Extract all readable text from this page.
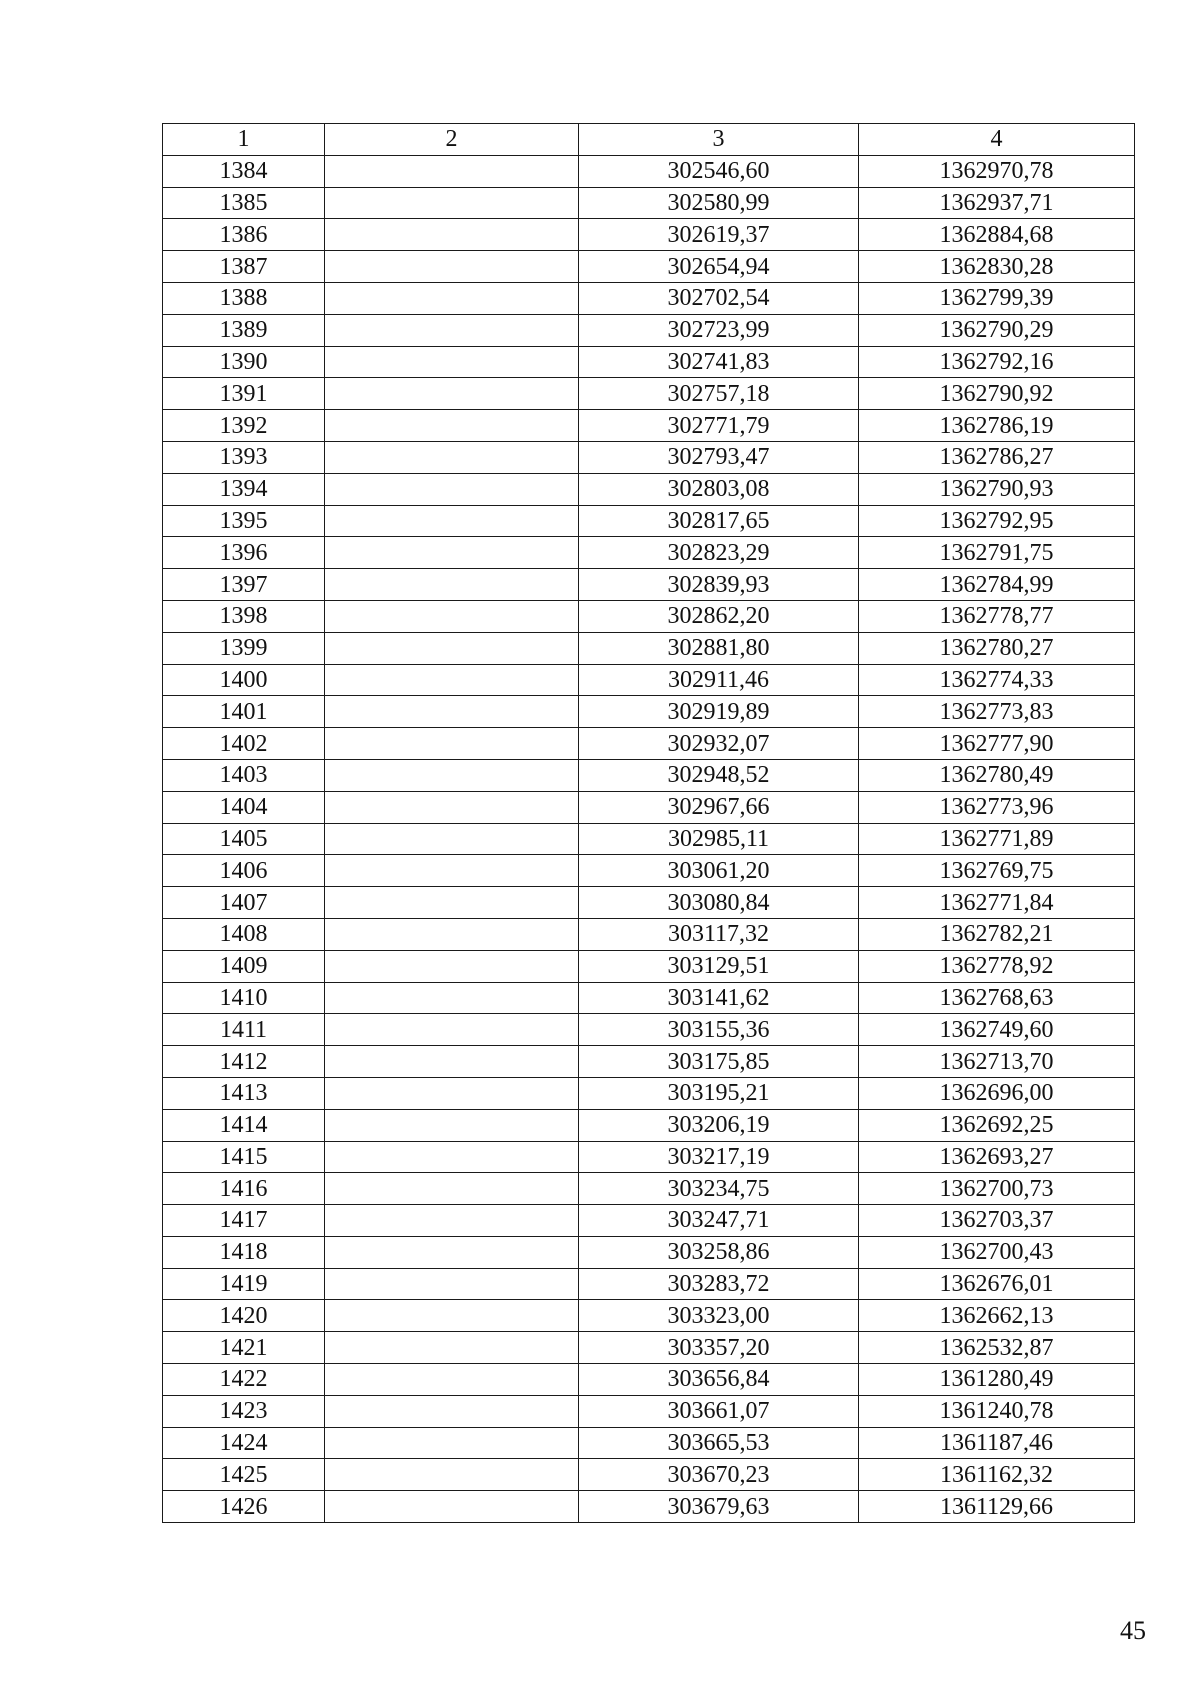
1	2	3	4
1384		302546,60	1362970,78
1385		302580,99	1362937,71
1386		302619,37	1362884,68
1387		302654,94	1362830,28
1388		302702,54	1362799,39
1389		302723,99	1362790,29
1390		302741,83	1362792,16
1391		302757,18	1362790,92
1392		302771,79	1362786,19
1393		302793,47	1362786,27
1394		302803,08	1362790,93
1395		302817,65	1362792,95
1396		302823,29	1362791,75
1397		302839,93	1362784,99
1398		302862,20	1362778,77
1399		302881,80	1362780,27
1400		302911,46	1362774,33
1401		302919,89	1362773,83
1402		302932,07	1362777,90
1403		302948,52	1362780,49
1404		302967,66	1362773,96
1405		302985,11	1362771,89
1406		303061,20	1362769,75
1407		303080,84	1362771,84
1408		303117,32	1362782,21
1409		303129,51	1362778,92
1410		303141,62	1362768,63
1411		303155,36	1362749,60
1412		303175,85	1362713,70
1413		303195,21	1362696,00
1414		303206,19	1362692,25
1415		303217,19	1362693,27
1416		303234,75	1362700,73
1417		303247,71	1362703,37
1418		303258,86	1362700,43
1419		303283,72	1362676,01
1420		303323,00	1362662,13
1421		303357,20	1362532,87
1422		303656,84	1361280,49
1423		303661,07	1361240,78
1424		303665,53	1361187,46
1425		303670,23	1361162,32
1426		303679,63	1361129,66
45
